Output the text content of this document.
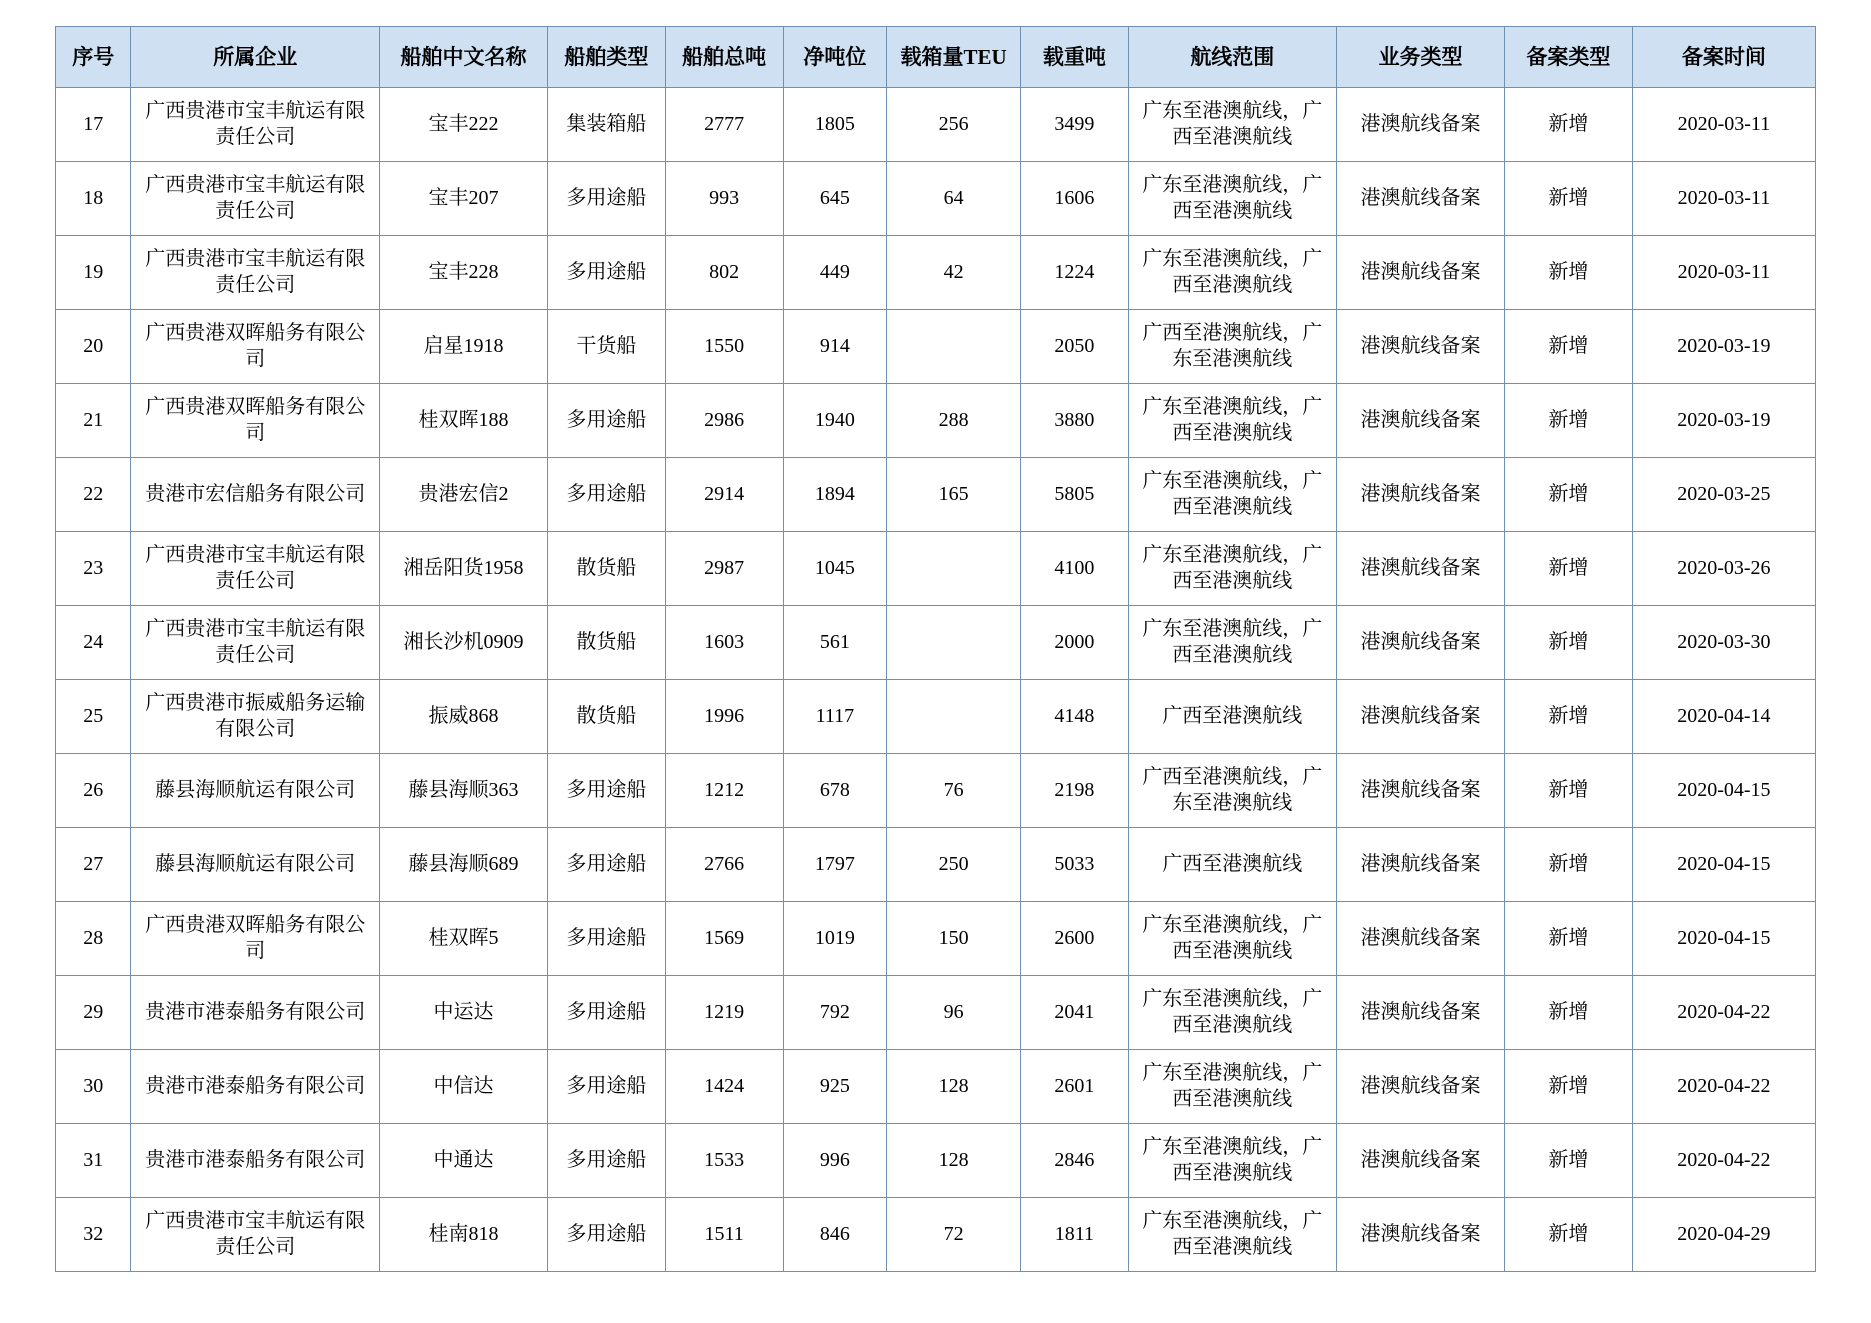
序号	所属企业	船舶中文名称	船舶类型	船舶总吨	净吨位	载箱量TEU	载重吨	航线范围	业务类型	备案类型	备案时间
17	广西贵港市宝丰航运有限责任公司	宝丰222	集装箱船	2777	1805	256	3499	广东至港澳航线，广西至港澳航线	港澳航线备案	新增	2020-03-11
18	广西贵港市宝丰航运有限责任公司	宝丰207	多用途船	993	645	64	1606	广东至港澳航线，广西至港澳航线	港澳航线备案	新增	2020-03-11
19	广西贵港市宝丰航运有限责任公司	宝丰228	多用途船	802	449	42	1224	广东至港澳航线，广西至港澳航线	港澳航线备案	新增	2020-03-11
20	广西贵港双晖船务有限公司	启星1918	干货船	1550	914		2050	广西至港澳航线，广东至港澳航线	港澳航线备案	新增	2020-03-19
21	广西贵港双晖船务有限公司	桂双晖188	多用途船	2986	1940	288	3880	广东至港澳航线，广西至港澳航线	港澳航线备案	新增	2020-03-19
22	贵港市宏信船务有限公司	贵港宏信2	多用途船	2914	1894	165	5805	广东至港澳航线，广西至港澳航线	港澳航线备案	新增	2020-03-25
23	广西贵港市宝丰航运有限责任公司	湘岳阳货1958	散货船	2987	1045		4100	广东至港澳航线，广西至港澳航线	港澳航线备案	新增	2020-03-26
24	广西贵港市宝丰航运有限责任公司	湘长沙机0909	散货船	1603	561		2000	广东至港澳航线，广西至港澳航线	港澳航线备案	新增	2020-03-30
25	广西贵港市振威船务运输有限公司	振威868	散货船	1996	1117		4148	广西至港澳航线	港澳航线备案	新增	2020-04-14
26	藤县海顺航运有限公司	藤县海顺363	多用途船	1212	678	76	2198	广西至港澳航线，广东至港澳航线	港澳航线备案	新增	2020-04-15
27	藤县海顺航运有限公司	藤县海顺689	多用途船	2766	1797	250	5033	广西至港澳航线	港澳航线备案	新增	2020-04-15
28	广西贵港双晖船务有限公司	桂双晖5	多用途船	1569	1019	150	2600	广东至港澳航线，广西至港澳航线	港澳航线备案	新增	2020-04-15
29	贵港市港泰船务有限公司	中运达	多用途船	1219	792	96	2041	广东至港澳航线，广西至港澳航线	港澳航线备案	新增	2020-04-22
30	贵港市港泰船务有限公司	中信达	多用途船	1424	925	128	2601	广东至港澳航线，广西至港澳航线	港澳航线备案	新增	2020-04-22
31	贵港市港泰船务有限公司	中通达	多用途船	1533	996	128	2846	广东至港澳航线，广西至港澳航线	港澳航线备案	新增	2020-04-22
32	广西贵港市宝丰航运有限责任公司	桂南818	多用途船	1511	846	72	1811	广东至港澳航线，广西至港澳航线	港澳航线备案	新增	2020-04-29
